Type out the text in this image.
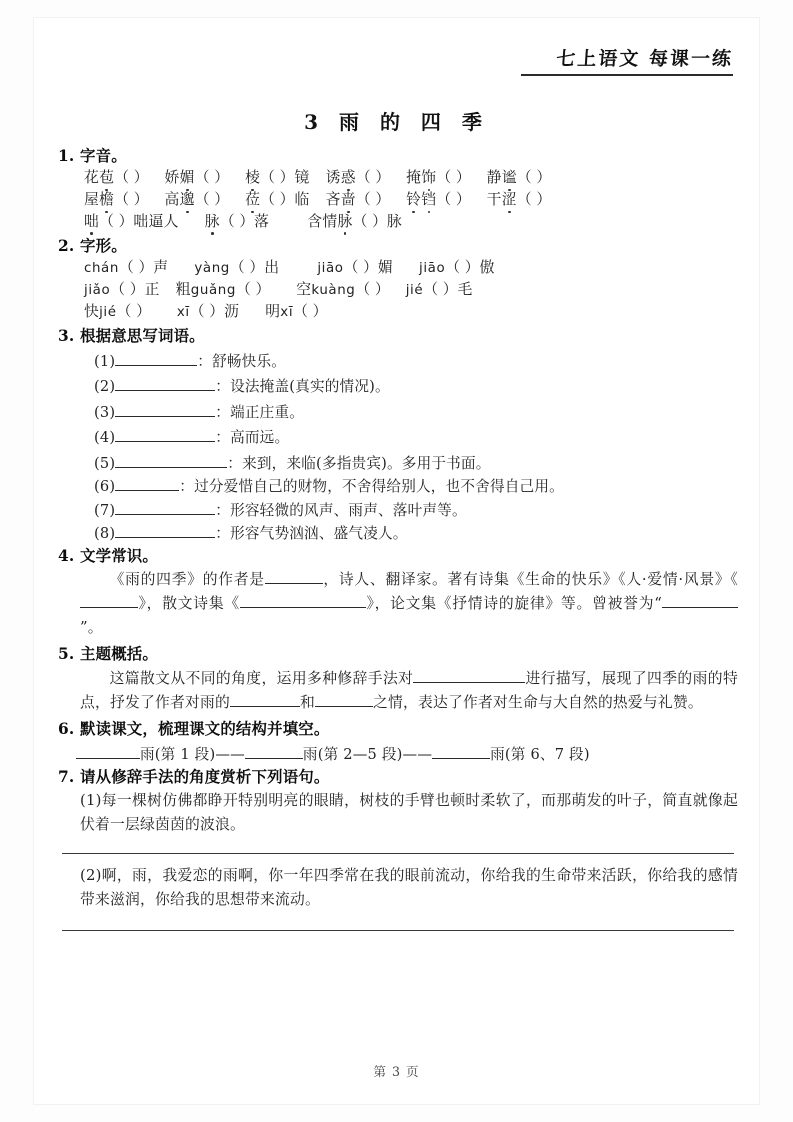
七上语文 每课一练
3 雨 的 四 季
1. 字音。
花苞（ ） 娇媚（ ） 棱（ ）镜 诱惑（ ） 掩饰（ ） 静谧（ ）
屋檐（ ） 高邈（ ） 莅（ ）临 吝啬（ ） 铃铛（ ） 干涩（ ）
咄（ ）咄逼人 脉（ ）落	含情脉（ ）脉
2. 字形。
chán（ ）声 yàng（ ）出	jiāo（ ）媚 jiāo（ ）傲
jiǎo（ ）正 粗guǎng（ ） 空kuàng（ ） jié（ ）毛
快jié（ ） xī（ ）沥 明xī（ ）
3. 根据意思写词语。
(1)	：舒畅快乐。
(2)	：设法掩盖(真实的情况)。
(3)	：端正庄重。
(4)	：高而远。
(5)	：来到，来临(多指贵宾)。多用于书面。
(6)	：过分爱惜自己的财物，不舍得给别人，也不舍得自己用。
(7)	：形容轻微的风声、雨声、落叶声等。
(8)	：形容气势汹汹、盛气凌人。
4. 文学常识。
《雨的四季》的作者是	，诗人、翻译家。著有诗集《生命的快乐》《人·爱情·风景》《》，散文诗集《	》，论文集《抒情诗的旋律》等。曾被誉为“”。
5. 主题概括。
这篇散文从不同的角度，运用多种修辞手法对	进行描写，展现了四季的雨的特点，抒发了作者对雨的	和	之情，表达了作者对生命与大自然的热爱与礼赞。
6. 默读课文，梳理课文的结构并填空。
雨(第 1 段)——	雨(第 2—5 段)——	雨(第 6、7 段)
7. 请从修辞手法的角度赏析下列语句。
(1)每一棵树仿佛都睁开特别明亮的眼睛，树枝的手臂也顿时柔软了，而那萌发的叶子，简直就像起伏着一层绿茵茵的波浪。
(2)啊，雨，我爱恋的雨啊，你一年四季常在我的眼前流动，你给我的生命带来活跃，你给我的感情带来滋润，你给我的思想带来流动。
第 3 页
